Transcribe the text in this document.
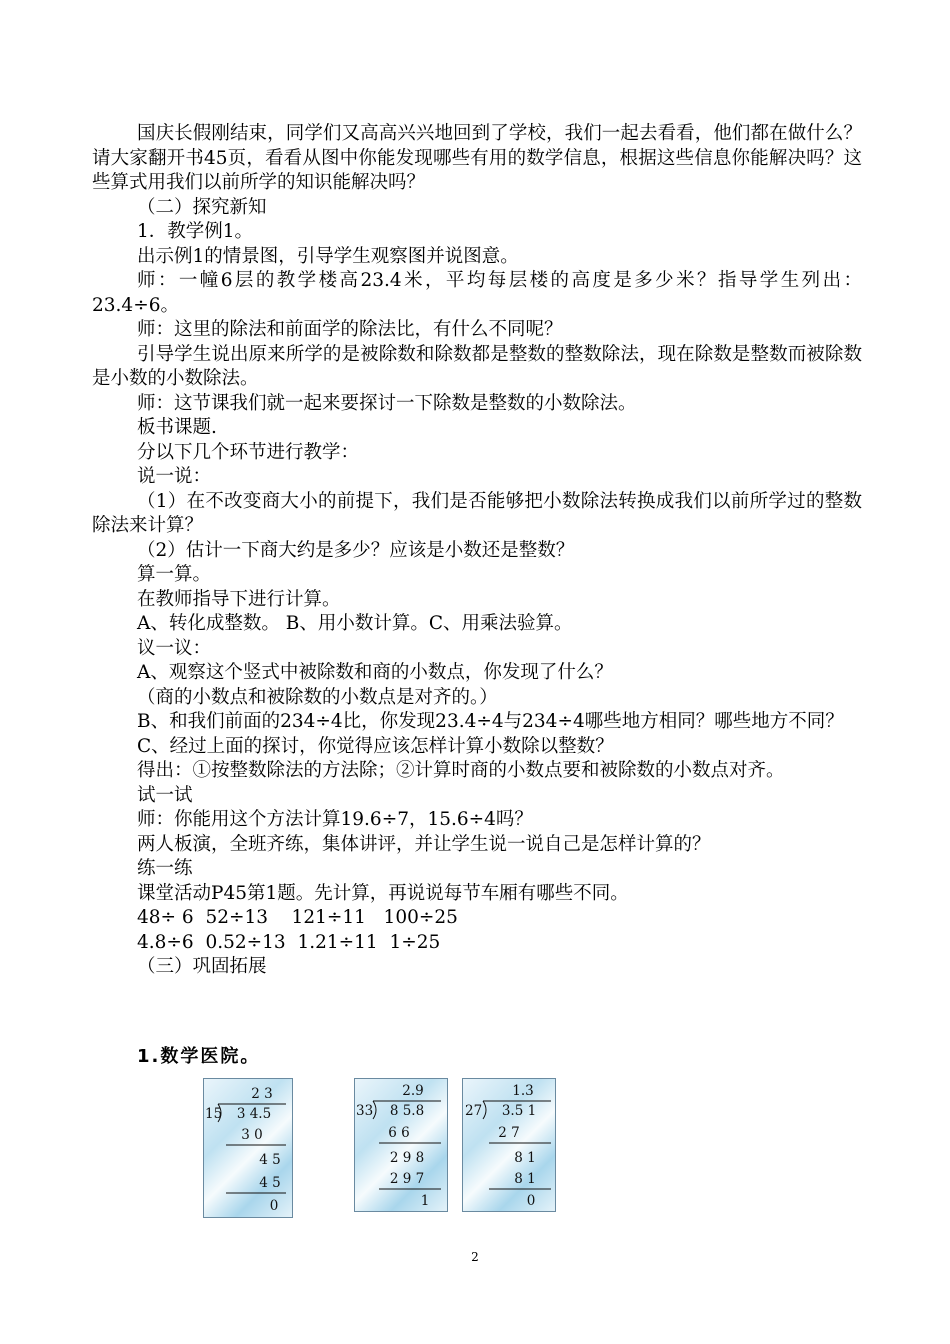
国庆长假刚结束，同学们又高高兴兴地回到了学校，我们一起去看看，他们都在做什么？请大家翻开书45页，看看从图中你能发现哪些有用的数学信息，根据这些信息你能解决吗？这些算式用我们以前所学的知识能解决吗？

（二）探究新知

1．教学例1。

出示例1的情景图，引导学生观察图并说图意。

师：一幢6层的教学楼高23.4米，平均每层楼的高度是多少米？指导学生列出：23.4÷6。

师：这里的除法和前面学的除法比，有什么不同呢？

引导学生说出原来所学的是被除数和除数都是整数的整数除法，现在除数是整数而被除数是小数的小数除法。

师：这节课我们就一起来要探讨一下除数是整数的小数除法。

板书课题.

分以下几个环节进行教学：

说一说：

（1）在不改变商大小的前提下，我们是否能够把小数除法转换成我们以前所学过的整数除法来计算？

（2）估计一下商大约是多少？应该是小数还是整数？

算一算。

在教师指导下进行计算。

A、转化成整数。 B、用小数计算。C、用乘法验算。

议一议：

A、观察这个竖式中被除数和商的小数点，你发现了什么？

（商的小数点和被除数的小数点是对齐的。）

B、和我们前面的234÷4比，你发现23.4÷4与234÷4哪些地方相同？哪些地方不同？

C、经过上面的探讨，你觉得应该怎样计算小数除以整数？

得出：①按整数除法的方法除；②计算时商的小数点要和被除数的小数点对齐。

试一试

师：你能用这个方法计算19.6÷7，15.6÷4吗？

两人板演，全班齐练，集体讲评，并让学生说一说自己是怎样计算的？

练一练

课堂活动P45第1题。先计算，再说说每节车厢有哪些不同。

48÷ 6  52÷13    121÷11   100÷25

4.8÷6  0.52÷13  1.21÷11  1÷25

（三）巩固拓展

1.数学医院。
2 3
15 3 4.5
3 0
4 5
4 5
0
2.9
33 8 5.8
6 6
2 9 8
2 9 7
1
1.3
27 3.5 1
2 7
8 1
8 1
0
2
